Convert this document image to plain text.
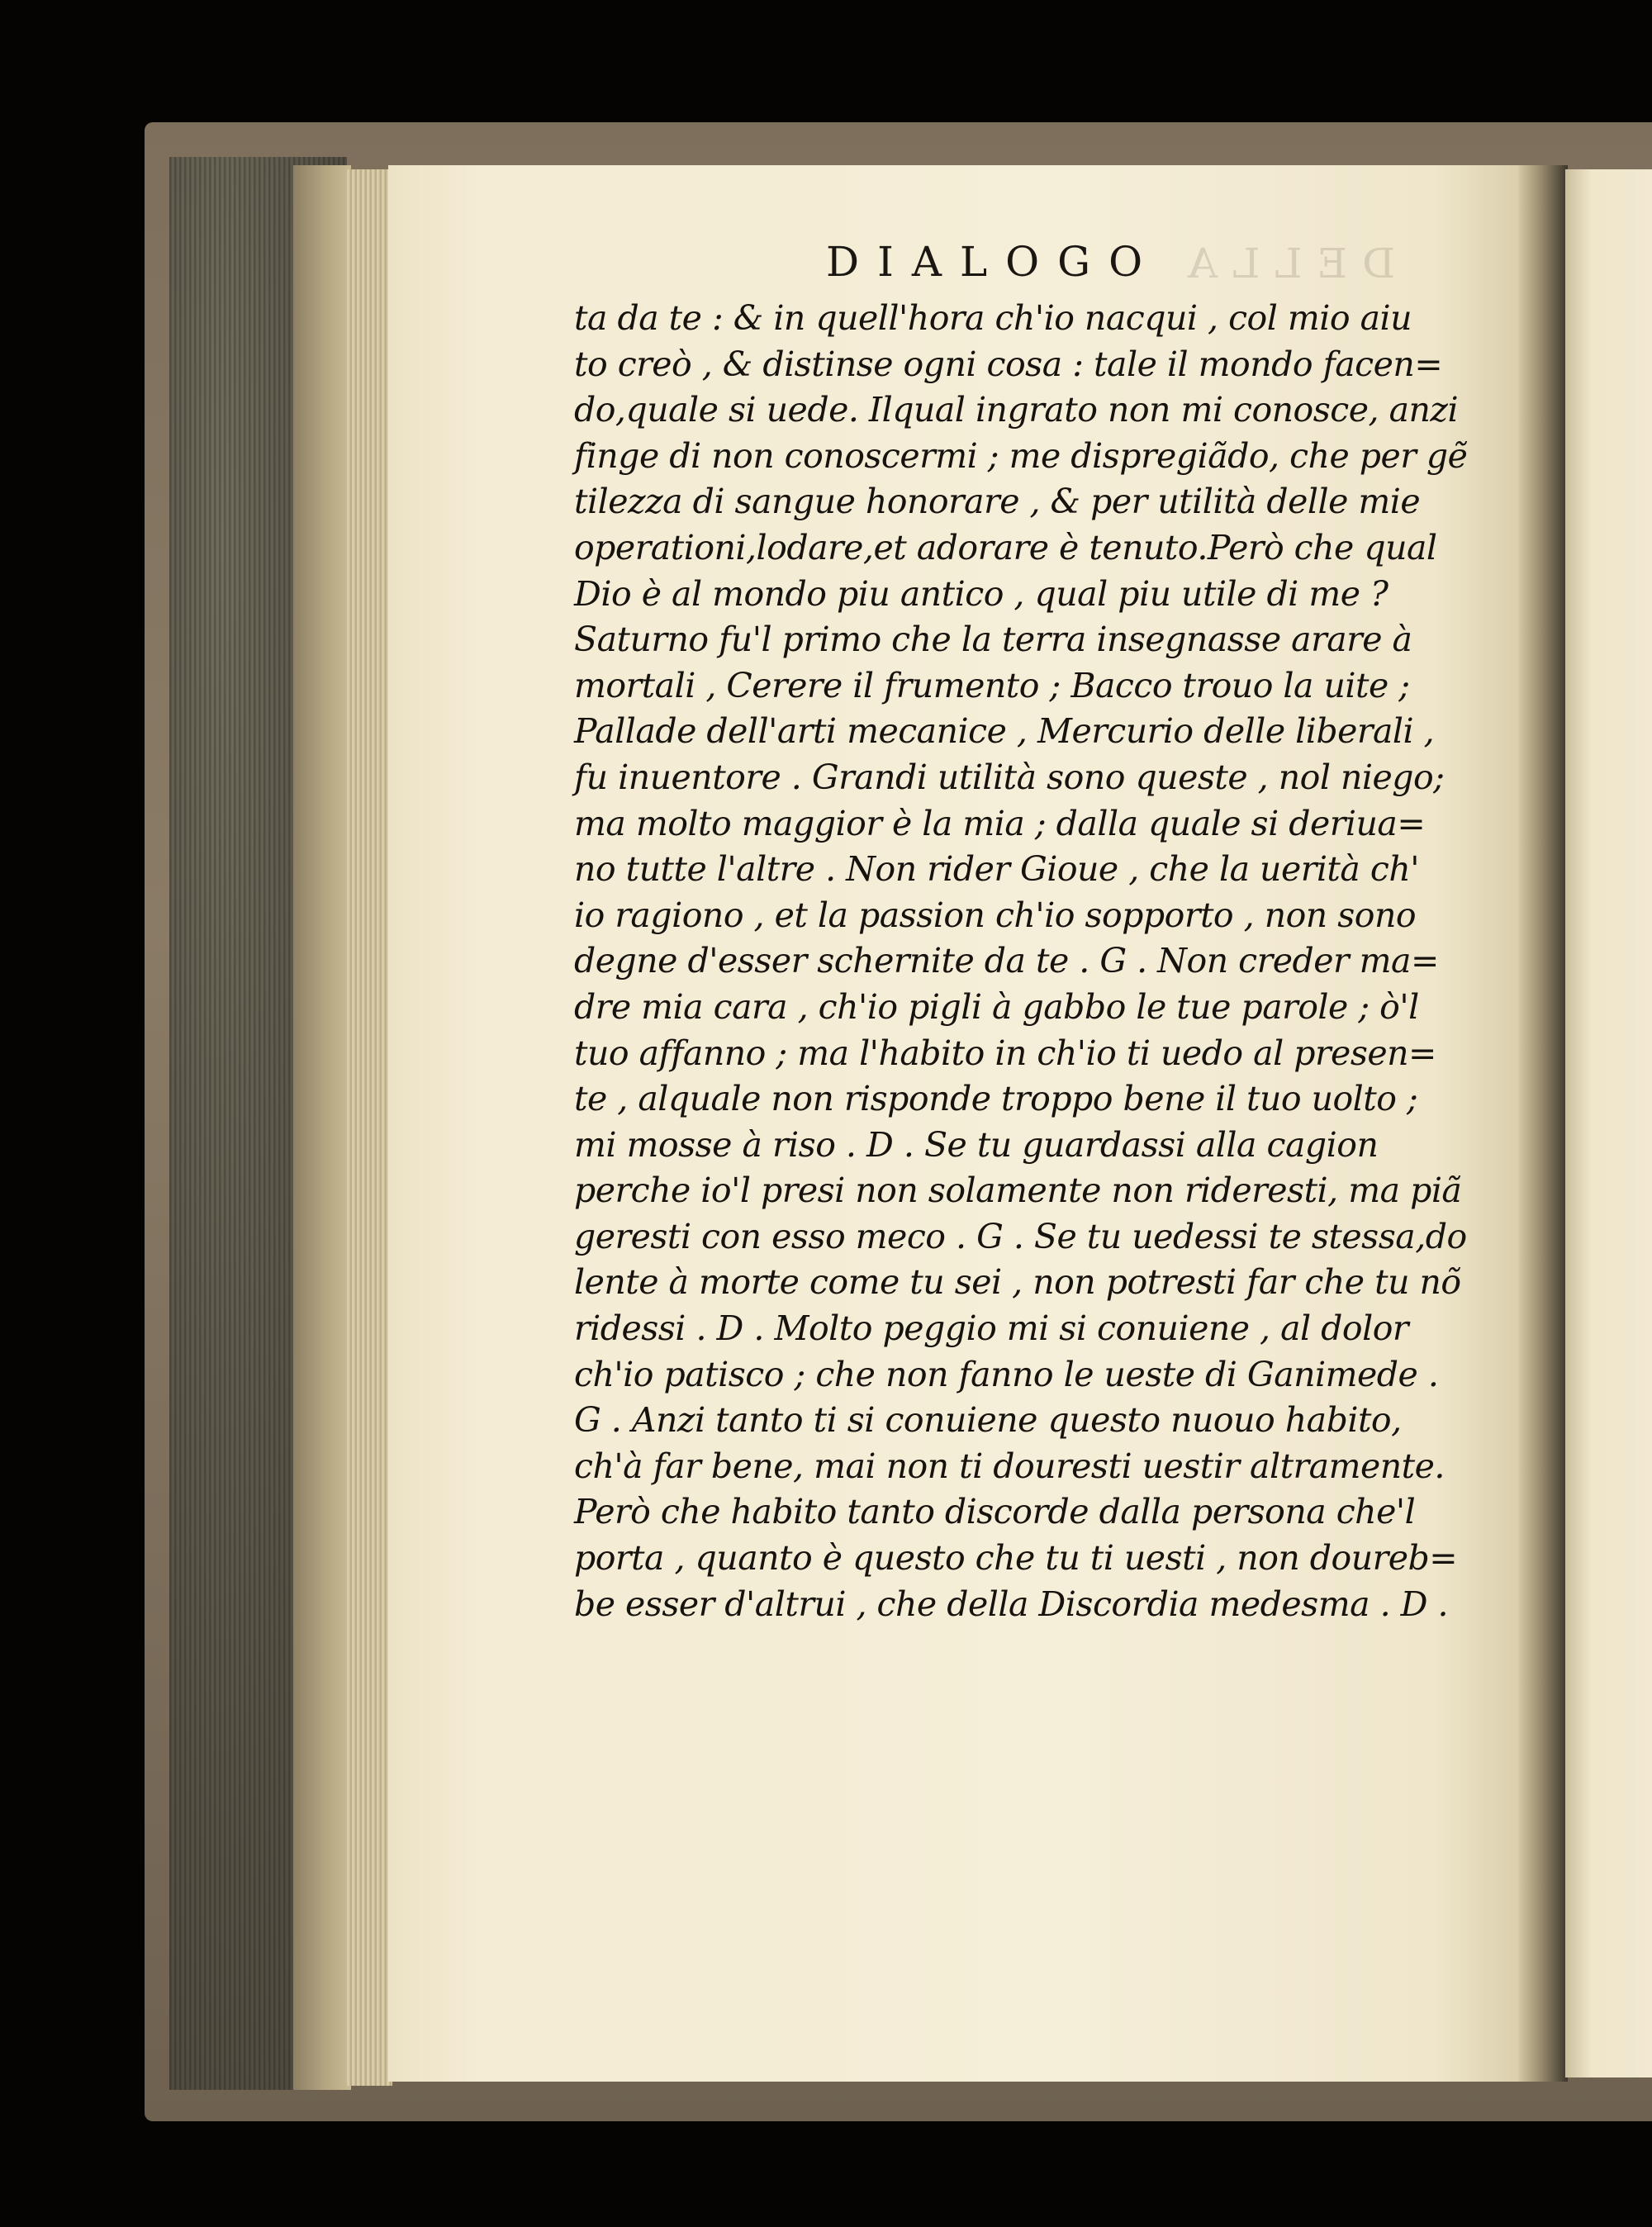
DELLA
DIALOGO
ta da te : & in quell'hora ch'io nacqui , col mio aiu
to creò , & distinse ogni cosa : tale il mondo facen=
do,quale si uede. Ilqual ingrato non mi conosce, anzi
finge di non conoscermi ; me dispregiãdo, che per gẽ
tilezza di sangue honorare , & per utilità delle mie
operationi,lodare,et adorare è tenuto.Però che qual
Dio è al mondo piu antico , qual piu utile di me ?
Saturno fu'l primo che la terra insegnasse arare à
mortali , Cerere il frumento ; Bacco trouo la uite ;
Pallade dell'arti mecanice , Mercurio delle liberali ,
fu inuentore . Grandi utilità sono queste , nol niego;
ma molto maggior è la mia ; dalla quale si deriua=
no tutte l'altre . Non rider Gioue , che la uerità ch'
io ragiono , et la passion ch'io sopporto , non sono
degne d'esser schernite da te . G . Non creder ma=
dre mia cara , ch'io pigli à gabbo le tue parole ; ò'l
tuo affanno ; ma l'habito in ch'io ti uedo al presen=
te , alquale non risponde troppo bene il tuo uolto ;
mi mosse à riso . D . Se tu guardassi alla cagion
perche io'l presi non solamente non rideresti, ma piã
geresti con esso meco . G . Se tu uedessi te stessa,do
lente à morte come tu sei , non potresti far che tu nõ
ridessi . D . Molto peggio mi si conuiene , al dolor
ch'io patisco ; che non fanno le ueste di Ganimede .
G . Anzi tanto ti si conuiene questo nuouo habito,
ch'à far bene, mai non ti douresti uestir altramente.
Però che habito tanto discorde dalla persona che'l
porta , quanto è questo che tu ti uesti , non doureb=
be esser d'altrui , che della Discordia medesma . D .
